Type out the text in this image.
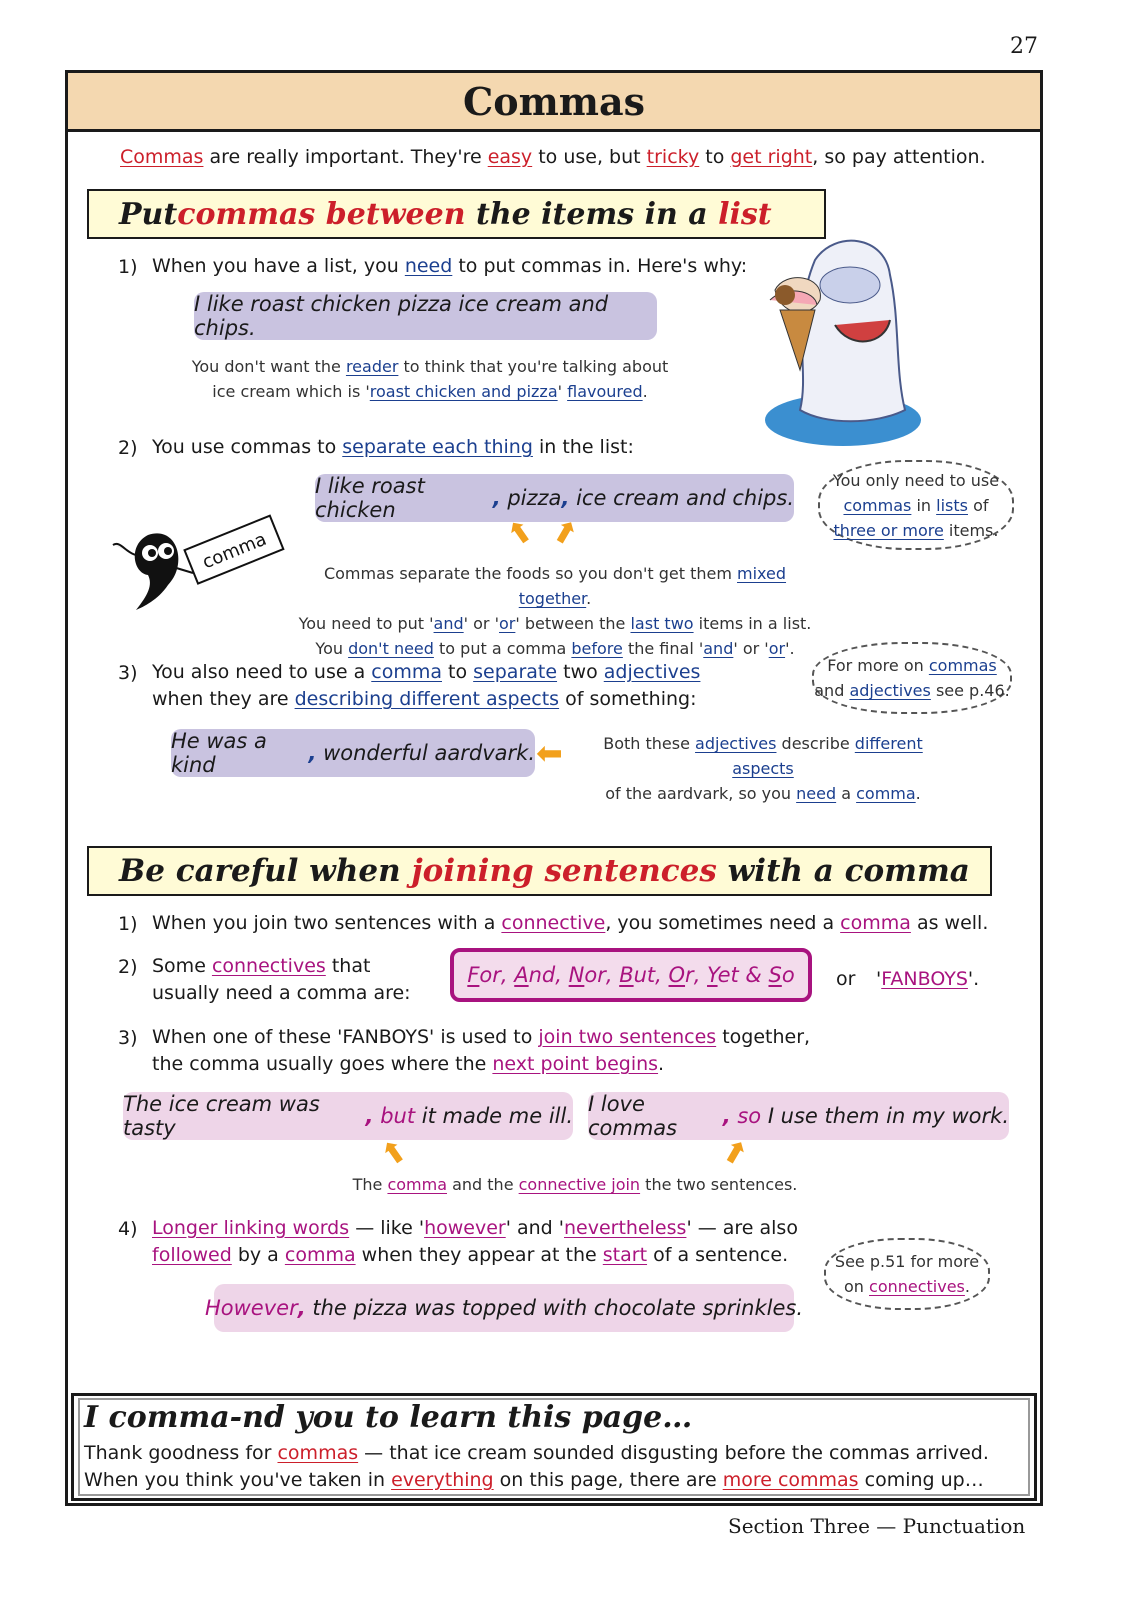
27
Commas
Commas are really important. They're easy to use, but tricky to get right, so pay attention.
Put commas between the items in a list
1) When you have a list, you need to put commas in. Here's why:
I like roast chicken pizza ice cream and chips.
You don't want the reader to think that you're talking about
ice cream which is 'roast chicken and pizza' flavoured.
2) You use commas to separate each thing in the list:
I like roast chicken	, pizza , ice cream and chips.
⬆ ⬆
You only need to use
commas in lists of
three or more items.
comma
Commas separate the foods so you don't get them mixed together.
You need to put 'and' or 'or' between the last two items in a list.
You don't need to put a comma before the final 'and' or 'or'.
3) You also need to use a comma to separate two adjectives
when they are describing different aspects of something:
For more on commas
and adjectives see p.46.
He was a kind	, wonderful aardvark. ⬅	Both these adjectives describe different aspects
of the aardvark, so you need a comma.
Be careful when joining sentences with a comma
1) When you join two sentences with a connective, you sometimes need a comma as well.
2) Some connectives that
usually need a comma are:
For , And , Nor , But , Or , Yet & So or 'FANBOYS'.
3) When one of these 'FANBOYS' is used to join two sentences together,
the comma usually goes where the next point begins.
The ice cream was tasty	, but it made me ill. I love commas	, so I use them in my work.
⬆	⬆
The comma and the connective join the two sentences.
4) Longer linking words — like 'however' and 'nevertheless' — are also
followed by a comma when they appear at the start of a sentence.	See p.51 for more
on connectives.
However , the pizza was topped with chocolate sprinkles.
I comma-nd you to learn this page…
Thank goodness for commas — that ice cream sounded disgusting before the commas arrived.
When you think you've taken in everything on this page, there are more commas coming up…
Section Three — Punctuation
